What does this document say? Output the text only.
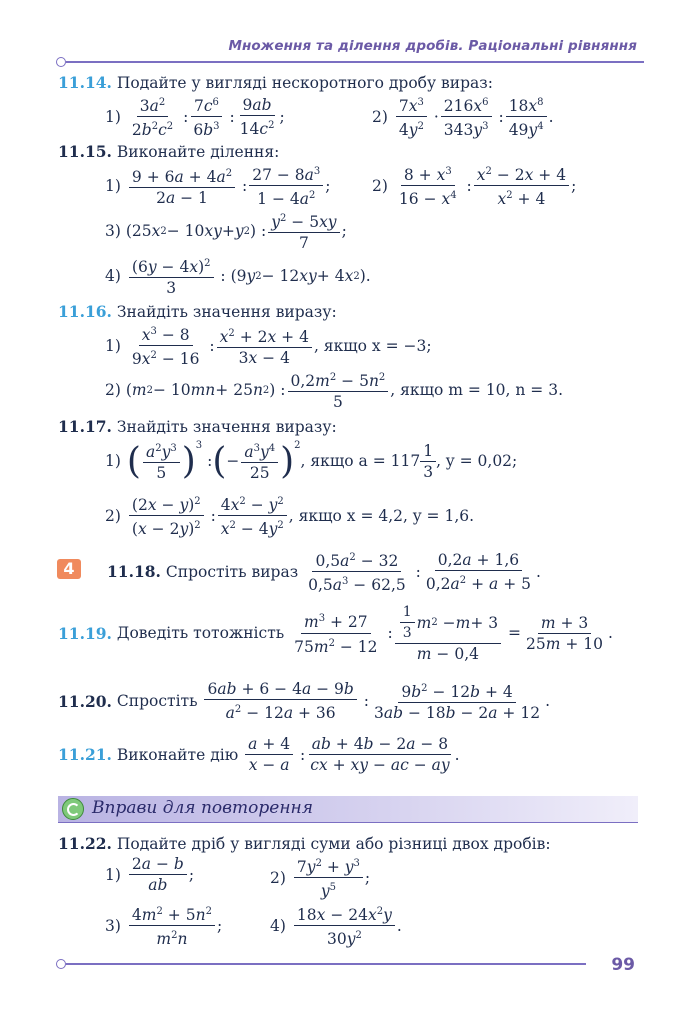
Множення та ділення дробів. Раціональні рівняння
11.14. Подайте у вигляді нескоротного дробу вираз:
$1) \frac{3a^2}{2b^2c^2}$ : $\frac{7c^6}{6b^3}$ : $\frac{9ab}{14c^2}$ ;	$2) \frac{7x^3}{4y^2} \cdot \frac{216x^6}{343y^3}$ : $\frac{18x^8}{49y^4}$ .
11.15. Виконайте ділення:
$1) \frac{9 + 6a + 4a^2}{2a - 1}$ : $\frac{27 - 8a^3}{1 - 4a^2}$ ;	$2) \frac{8 + x^3}{16 - x^4}$ : $\frac{x^2 - 2x + 4}{x^2 + 4}$ ;
3) (25 x 2 − 10 xy + y 2 ) : $\frac{y^2 - 5xy}{7}$ ;
$4) \frac{(6y - 4x)^2}{3}$ : (9 y 2 − 12 xy + 4 x 2 ).
11.16. Знайдіть значення виразу:
$1) \frac{x^3 - 8}{9x^2 - 16}$ : $\frac{x^2 + 2x + 4}{3x - 4}$ , якщо x = −3;
2) ( m 2 − 10 mn + 25 n 2 ) : $\frac{0,2m^2 - 5n^2}{5}$ , якщо m = 10, n = 3.
11.17. Знайдіть значення виразу:
1) ( $\frac{a^2y^3}{5} )^3$
: ( − $\frac{a^3y^4}{25} )^2$
, якщо $a = 117 \frac{1}{3}$ , y = 0,02;
$2) \frac{(2x - y)^2}{(x - 2y)^2}$ : $\frac{4x^2 - y^2}{x^2 - 4y^2}$ , якщо x = 4,2, y = 1,6.
4	11.18.
Спростіть вираз
$\frac{0,5a^2 - 32}{0,5a^3 - 62,5}$ : $\frac{0,2a + 1,6}{0,2a^2 + a + 5}$ .
11.19.
Доведіть тотожність
$\frac{m^3 + 27}{75m^2 - 12}$ : $\frac{\frac{1}{3} m 2 - m + 3}{m - 0,4} = \frac{m + 3}{25m + 10}$ .
11.20.
Спростіть
$\frac{6ab + 6 - 4a - 9b}{a^2 - 12a + 36}$ : $\frac{9b^2 - 12b + 4}{3ab - 18b - 2a + 12}$ .
11.21.
Виконайте дію
$\frac{a + 4}{x - a}$ : $\frac{ab + 4b - 2a - 8}{cx + xy - ac - ay}$ .
Вправи для повторення
11.22. Подайте дріб у вигляді суми або різниці двох дробів:
$1) \frac{2a - b}{ab}$ ;	$2) \frac{7y^2 + y^3}{y^5}$ ;
$3) \frac{4m^2 + 5n^2}{m^2n}$ ;	$4) \frac{18x - 24x^2y}{30y^2}$ .
99
